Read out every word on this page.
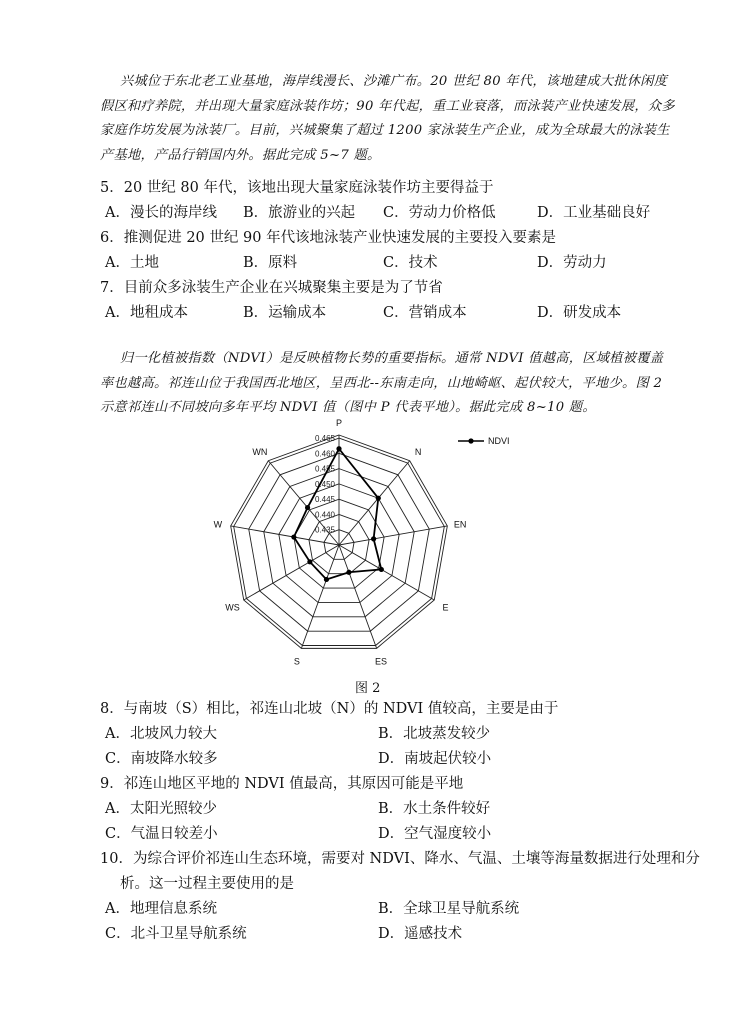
兴城位于东北老工业基地，海岸线漫长、沙滩广布。20 世纪 80 年代，该地建成大批休闲度
假区和疗养院，并出现大量家庭泳装作坊；90 年代起，重工业衰落，而泳装产业快速发展，众多
家庭作坊发展为泳装厂。目前，兴城聚集了超过 1200 家泳装生产企业，成为全球最大的泳装生
产基地，产品行销国内外。据此完成 5~7 题。

5．20 世纪 80 年代，该地出现大量家庭泳装作坊主要得益于

A．漫长的海岸线 B．旅游业的兴起 C．劳动力价格低	D．工业基础良好

6．推测促进 20 世纪 90 年代该地泳装产业快速发展的主要投入要素是

A．土地	B．原料	C．技术	D．劳动力

7．目前众多泳装生产企业在兴城聚集主要是为了节省

A．地租成本	B．运输成本	C．营销成本	D．研发成本
归一化植被指数（NDVI）是反映植物长势的重要指标。通常 NDVI 值越高，区域植被覆盖
率也越高。祁连山位于我国西北地区，呈西北--东南走向，山地崎岖、起伏较大，平地少。图 2
示意祁连山不同坡向多年平均 NDVI 值（图中 P 代表平地）。据此完成 8~10 题。
0.435
0.440
0.445
0.450
0.455
0.460
0.465
P
N
EN
E
ES
S
WS
W
WN
NDVI
图 2

8．与南坡（S）相比，祁连山北坡（N）的 NDVI 值较高，主要是由于

A．北坡风力较大	B．北坡蒸发较少
C．南坡降水较多	D．南坡起伏较小

9．祁连山地区平地的 NDVI 值最高，其原因可能是平地

A．太阳光照较少	B．水土条件较好
C．气温日较差小	D．空气湿度较小

10．为综合评价祁连山生态环境，需要对 NDVI、降水、气温、土壤等海量数据进行处理和分

析。这一过程主要使用的是

A．地理信息系统	B．全球卫星导航系统
C．北斗卫星导航系统	D．遥感技术
